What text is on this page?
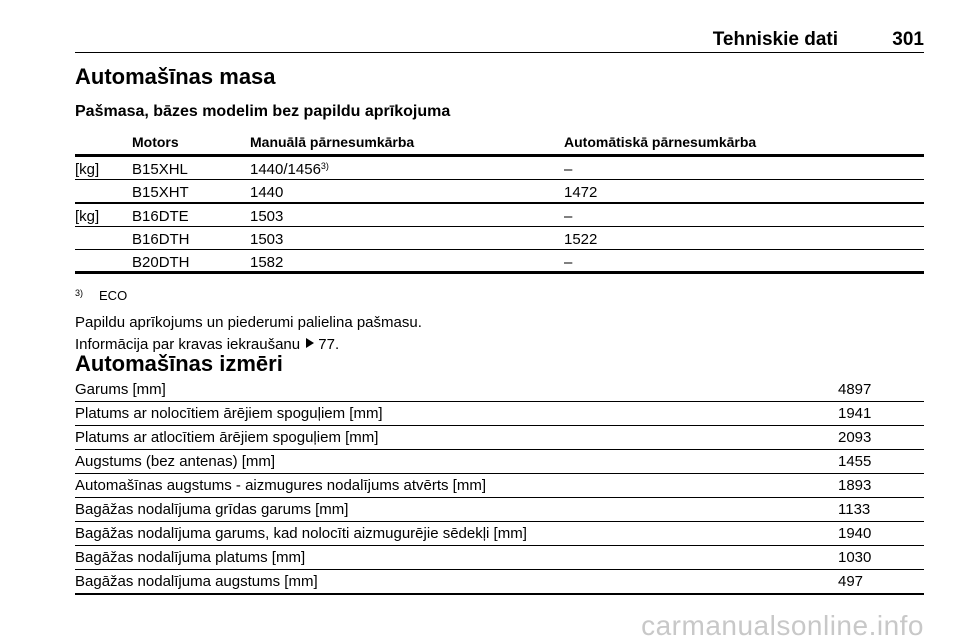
Tehniskie dati	301
Automašīnas masa
Pašmasa, bāzes modelim bez papildu aprīkojuma
Motors	Manuālā pārnesumkārba	Automātiskā pārnesumkārba
[kg] B15XHL	1440/1456$^{3)}$	–
B15XHT	1440	1472
[kg] B16DTE	1503	–
B16DTH	1503	1522
B20DTH	1582	–
$^{3)}$ ECO
Papildu aprīkojums un piederumi palielina pašmasu.
Informācija par kravas iekraušanu 77.
Automašīnas izmēri
Garums [mm]	4897
Platums ar nolocītiem ārējiem spoguļiem [mm]	1941
Platums ar atlocītiem ārējiem spoguļiem [mm]	2093
Augstums (bez antenas) [mm]	1455
Automašīnas augstums - aizmugures nodalījums atvērts [mm]	1893
Bagāžas nodalījuma grīdas garums [mm]	1133
Bagāžas nodalījuma garums, kad nolocīti aizmugurējie sēdekļi [mm]	1940
Bagāžas nodalījuma platums [mm]	1030
Bagāžas nodalījuma augstums [mm]	497
carmanualsonline.info
